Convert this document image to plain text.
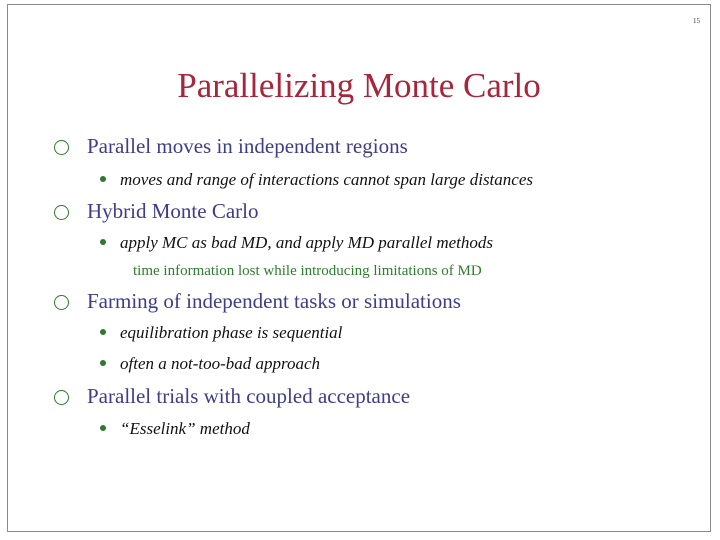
15
Parallelizing Monte Carlo
Parallel moves in independent regions
moves and range of interactions cannot span large distances
Hybrid Monte Carlo
apply MC as bad MD, and apply MD parallel methods
time information lost while introducing limitations of MD
Farming of independent tasks or simulations
equilibration phase is sequential
often a not-too-bad approach
Parallel trials with coupled acceptance
“Esselink” method
